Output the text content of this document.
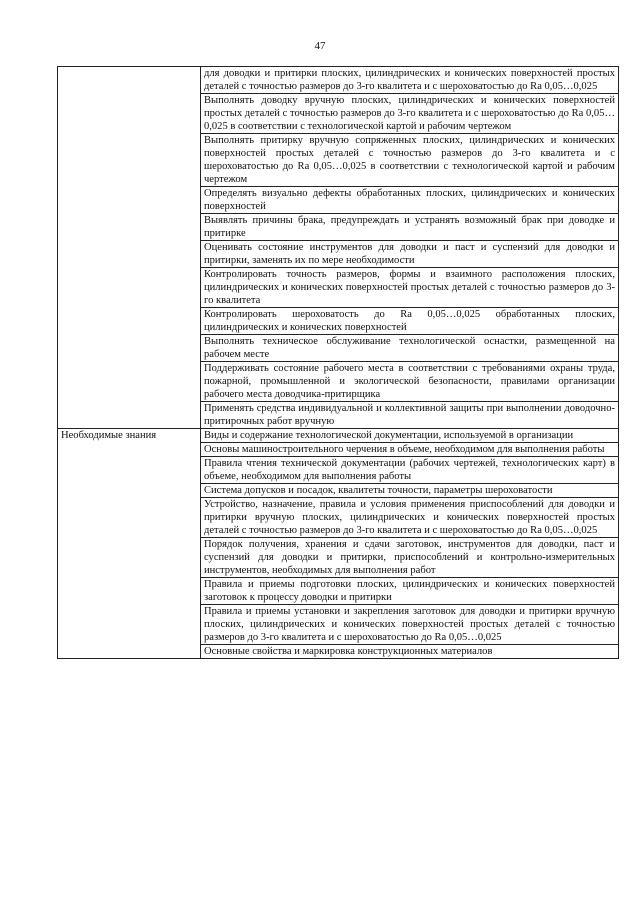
47
	для доводки и притирки плоских, цилиндрических и конических поверхностей простых деталей с точностью размеров до 3-го квалитета и с шероховатостью до Ra 0,05…0,025
	Выполнять доводку вручную плоских, цилиндрических и конических поверхностей простых деталей с точностью размеров до 3-го квалитета и с шероховатостью до Ra 0,05…0,025 в соответствии с технологической картой и рабочим чертежом
	Выполнять притирку вручную сопряженных плоских, цилиндрических и конических поверхностей простых деталей с точностью размеров до 3-го квалитета и с шероховатостью до Ra 0,05…0,025 в соответствии с технологической картой и рабочим чертежом
	Определять визуально дефекты обработанных плоских, цилиндрических и конических поверхностей
	Выявлять причины брака, предупреждать и устранять возможный брак при доводке и притирке
	Оценивать состояние инструментов для доводки и паст и суспензий для доводки и притирки, заменять их по мере необходимости
	Контролировать точность размеров, формы и взаимного расположения плоских, цилиндрических и конических поверхностей простых деталей с точностью размеров до 3-го квалитета
	Контролировать шероховатость до Ra 0,05…0,025 обработанных плоских, цилиндрических и конических поверхностей
	Выполнять техническое обслуживание технологической оснастки, размещенной на рабочем месте
	Поддерживать состояние рабочего места в соответствии с требованиями охраны труда, пожарной, промышленной и экологической безопасности, правилами организации рабочего места доводчика-притирщика
	Применять средства индивидуальной и коллективной защиты при выполнении доводочно-притирочных работ вручную
Необходимые знания	Виды и содержание технологической документации, используемой в организации
	Основы машиностроительного черчения в объеме, необходимом для выполнения работы
	Правила чтения технической документации (рабочих чертежей, технологических карт) в объеме, необходимом для выполнения работы
	Система допусков и посадок, квалитеты точности, параметры шероховатости
	Устройство, назначение, правила и условия применения приспособлений для доводки и притирки вручную плоских, цилиндрических и конических поверхностей простых деталей с точностью размеров до 3-го квалитета и с шероховатостью до Ra 0,05…0,025
	Порядок получения, хранения и сдачи заготовок, инструментов для доводки, паст и суспензий для доводки и притирки, приспособлений и контрольно-измерительных инструментов, необходимых для выполнения работ
	Правила и приемы подготовки плоских, цилиндрических и конических поверхностей заготовок к процессу доводки и притирки
	Правила и приемы установки и закрепления заготовок для доводки и притирки вручную плоских, цилиндрических и конических поверхностей простых деталей с точностью размеров до 3-го квалитета и с шероховатостью до Ra 0,05…0,025
	Основные свойства и маркировка конструкционных материалов
